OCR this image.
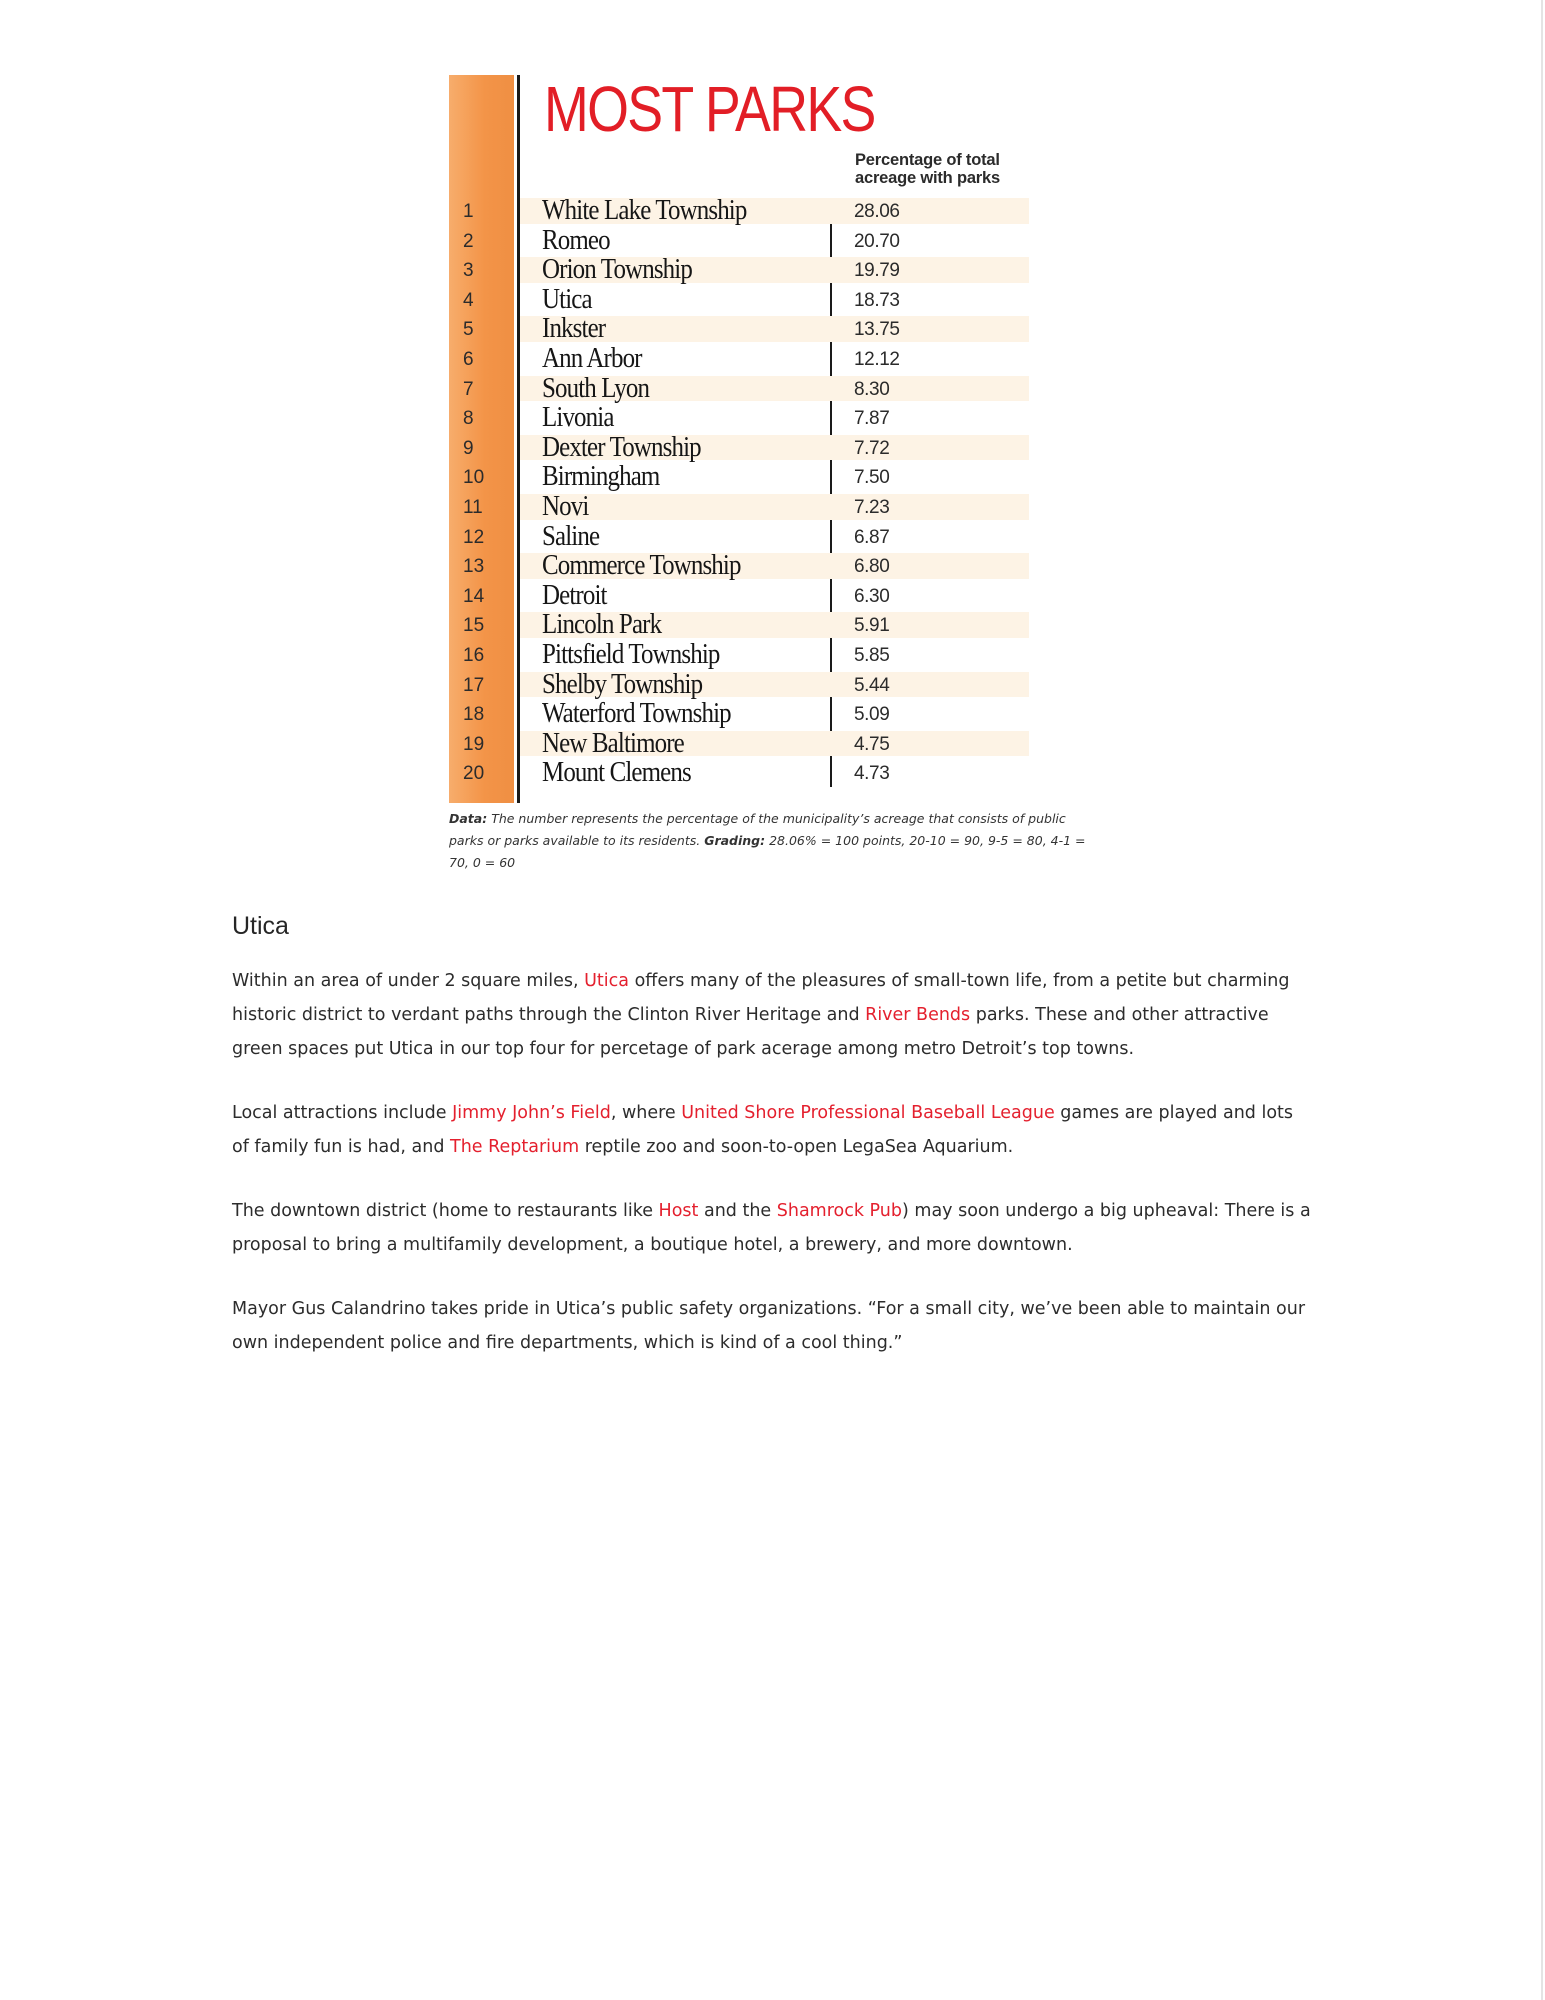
MOST PARKS
Percentage of total
acreage with parks
1	White Lake Township	28.06
2	Romeo	20.70
3	Orion Township	19.79
4	Utica	18.73
5	Inkster	13.75
6	Ann Arbor	12.12
7	South Lyon	8.30
8	Livonia	7.87
9	Dexter Township	7.72
10	Birmingham	7.50
11	Novi	7.23
12	Saline	6.87
13	Commerce Township	6.80
14	Detroit	6.30
15	Lincoln Park	5.91
16	Pittsfield Township	5.85
17	Shelby Township	5.44
18	Waterford Township	5.09
19	New Baltimore	4.75
20	Mount Clemens	4.73

Data: The number represents the percentage of the municipality’s acreage that consists of public parks or parks available to its residents. Grading: 28.06% = 100 points, 20-10 = 90, 9-5 = 80, 4-1 = 70, 0 = 60

Utica

Within an area of under 2 square miles, Utica offers many of the pleasures of small-town life, from a petite but charming historic district to verdant paths through the Clinton River Heritage and River Bends parks. These and other attractive green spaces put Utica in our top four for percetage of park acerage among metro Detroit’s top towns.

Local attractions include Jimmy John’s Field, where United Shore Professional Baseball League games are played and lots of family fun is had, and The Reptarium reptile zoo and soon-to-open LegaSea Aquarium.

The downtown district (home to restaurants like Host and the Shamrock Pub) may soon undergo a big upheaval: There is a proposal to bring a multifamily development, a boutique hotel, a brewery, and more downtown.

Mayor Gus Calandrino takes pride in Utica’s public safety organizations. “For a small city, we’ve been able to maintain our own independent police and fire departments, which is kind of a cool thing.”
